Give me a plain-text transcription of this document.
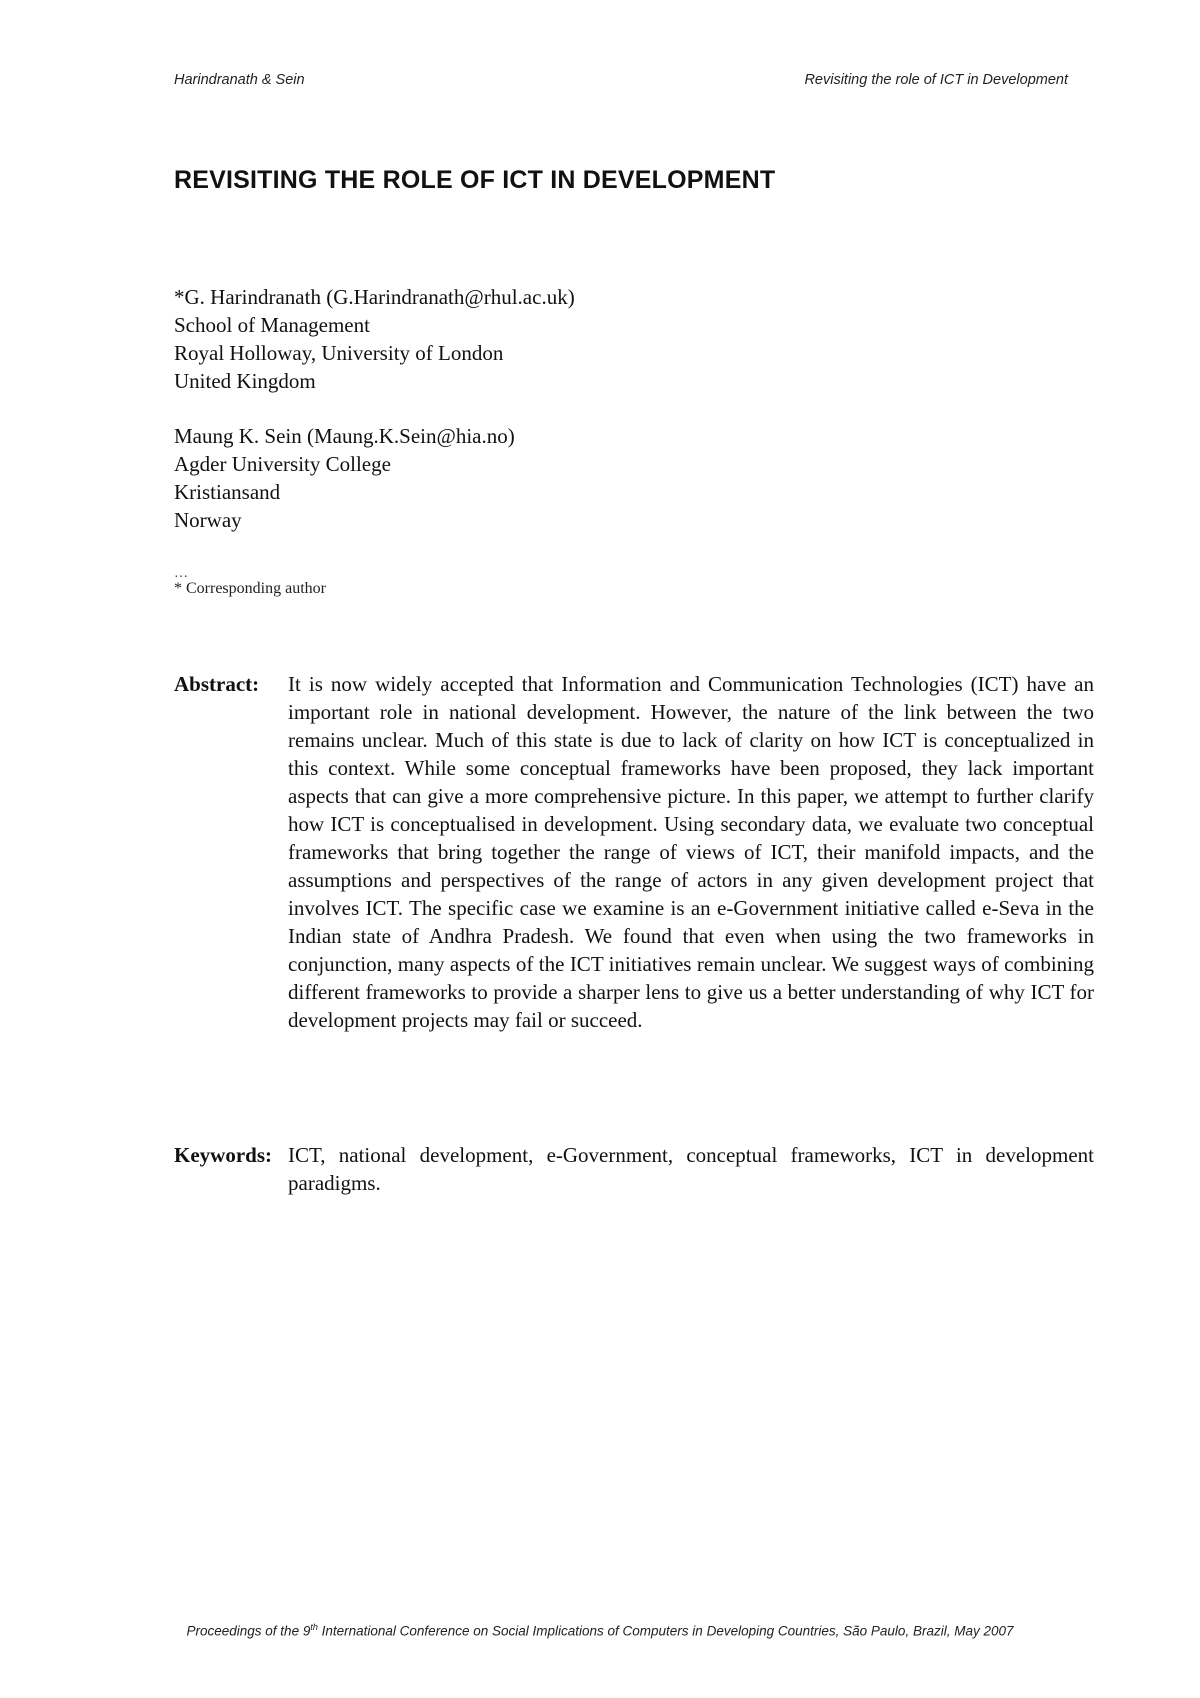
Harindranath & Sein	Revisiting the role of ICT in Development
REVISITING THE ROLE OF ICT IN DEVELOPMENT
*G. Harindranath (G.Harindranath@rhul.ac.uk)
School of Management
Royal Holloway, University of London
United Kingdom
Maung K. Sein (Maung.K.Sein@hia.no)
Agder University College
Kristiansand
Norway
…
* Corresponding author
Abstract: It is now widely accepted that Information and Communication Technologies (ICT) have an important role in national development. However, the nature of the link between the two remains unclear. Much of this state is due to lack of clarity on how ICT is conceptualized in this context. While some conceptual frameworks have been proposed, they lack important aspects that can give a more comprehensive picture. In this paper, we attempt to further clarify how ICT is conceptualised in development. Using secondary data, we evaluate two conceptual frameworks that bring together the range of views of ICT, their manifold impacts, and the assumptions and perspectives of the range of actors in any given development project that involves ICT. The specific case we examine is an e-Government initiative called e-Seva in the Indian state of Andhra Pradesh. We found that even when using the two frameworks in conjunction, many aspects of the ICT initiatives remain unclear. We suggest ways of combining different frameworks to provide a sharper lens to give us a better understanding of why ICT for development projects may fail or succeed.
Keywords: ICT, national development, e-Government, conceptual frameworks, ICT in development paradigms.
Proceedings of the 9th International Conference on Social Implications of Computers in Developing Countries, São Paulo, Brazil, May 2007
